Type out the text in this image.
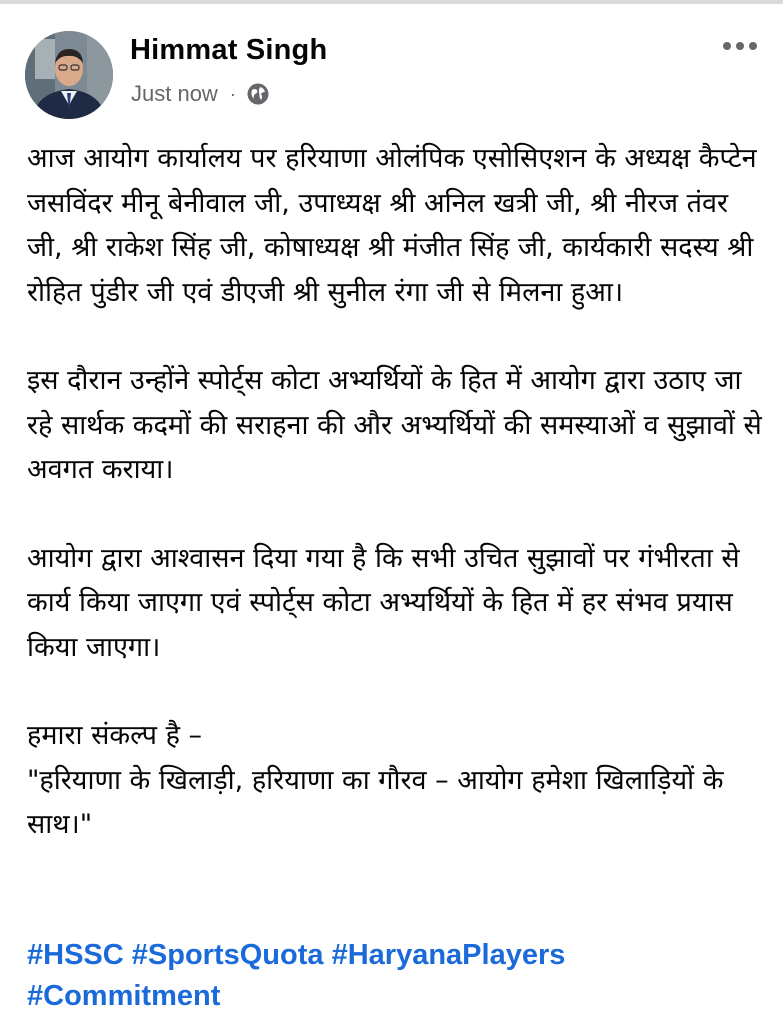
Himmat Singh
Just now ·

आज आयोग कार्यालय पर हरियाणा ओलंपिक एसोसिएशन के अध्यक्ष कैप्टेन जसविंदर मीनू बेनीवाल जी, उपाध्यक्ष श्री अनिल खत्री जी, श्री नीरज तंवर जी, श्री राकेश सिंह जी, कोषाध्यक्ष श्री मंजीत सिंह जी, कार्यकारी सदस्य श्री रोहित पुंडीर जी एवं डीएजी श्री सुनील रंगा जी से मिलना हुआ।

इस दौरान उन्होंने स्पोर्ट्स कोटा अभ्यर्थियों के हित में आयोग द्वारा उठाए जा रहे सार्थक कदमों की सराहना की और अभ्यर्थियों की समस्याओं व सुझावों से अवगत कराया।

आयोग द्वारा आश्वासन दिया गया है कि सभी उचित सुझावों पर गंभीरता से कार्य किया जाएगा एवं स्पोर्ट्स कोटा अभ्यर्थियों के हित में हर संभव प्रयास किया जाएगा।

हमारा संकल्प है –

"हरियाणा के खिलाड़ी, हरियाणा का गौरव – आयोग हमेशा खिलाड़ियों के साथ।"

#HSSC #SportsQuota #HaryanaPlayers
#Commitment
